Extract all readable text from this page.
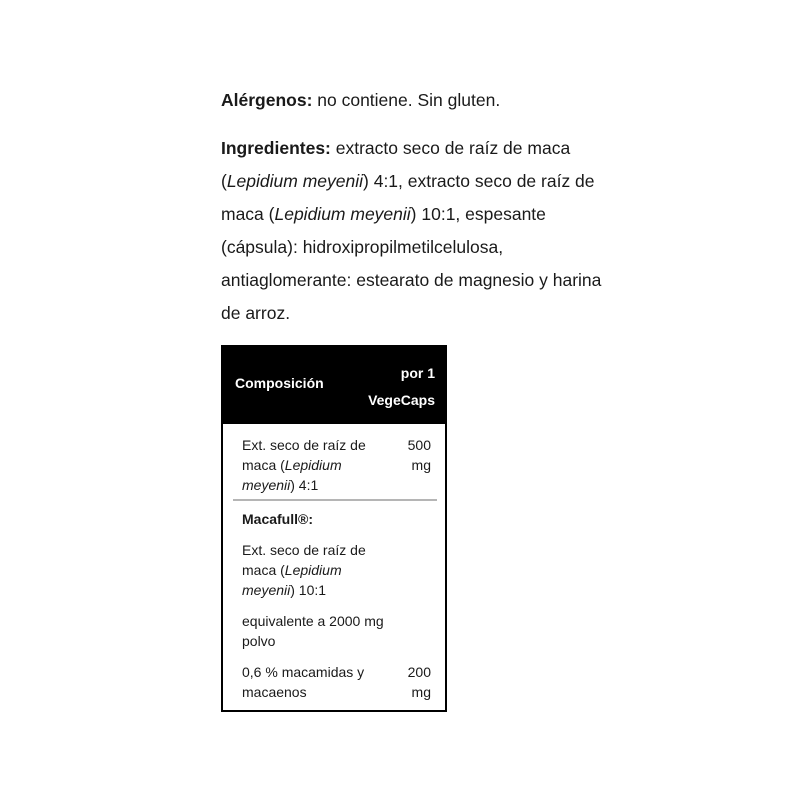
Alérgenos: no contiene. Sin gluten.

Ingredientes: extracto seco de raíz de maca (Lepidium meyenii) 4:1, extracto seco de raíz de maca (Lepidium meyenii) 10:1, espesante (cápsula): hidroxipropilmetilcelulosa, antiaglomerante: estearato de magnesio y harina de arroz.

Composición
por 1
VegeCaps
Ext. seco de raíz de maca (Lepidium meyenii) 4:1
500
mg
Macafull®:
Ext. seco de raíz de maca (Lepidium meyenii) 10:1
equivalente a 2000 mg polvo
0,6 % macamidas y macaenos
200
mg
